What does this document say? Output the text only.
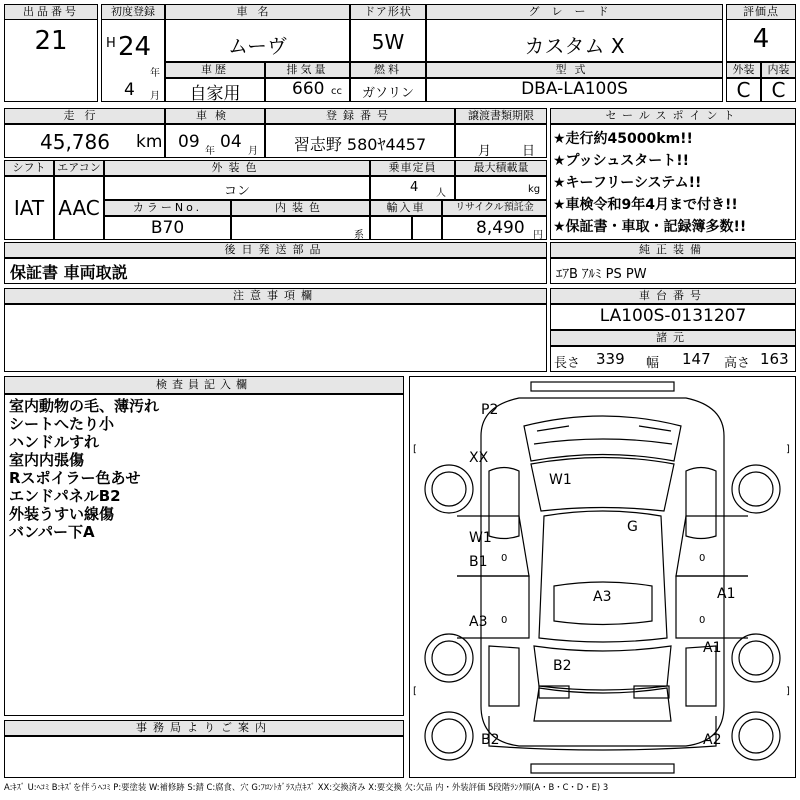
出品番号
21
初度登録
H 24
年
4 月
車名
ムーヴ
ドア形状
5W
グレード
カスタム X
評価点
4
車歴
自家用
排気量
660 cc
燃料
ガソリン
型式
DBA-LA100S
外装	内装
C	C
走行
45,786 km
車検
09 年 04 月
登録番号
習志野 580ﾔ4457
譲渡書類期限
月 日
シフト	エアコン
IAT AAC
外装色
コン
乗車定員
4 人
最大積載量
kg
カラーNo.
B70
内装色
系
輸入車	リサイクル預託金
8,490 円
セールスポイント
★走行約45000km!!
★プッシュスタート!!
★キーフリーシステム!!
★車検令和9年4月まで付き!!
★保証書・車取・記録簿多数!!
後日発送部品
保証書 車両取説
純正装備
ｴｱB ｱﾙﾐ PS PW
注意事項欄	車台番号
LA100S-0131207
諸元
長さ 339 幅 147 高さ 163
検査員記入欄
室内動物の毛、薄汚れ
シートへたり小
ハンドルすれ
室内内張傷
Rスポイラー色あせ
エンドパネルB2
外装うすい線傷
バンパー下A
事務局よりご案内
P2
XX
W1
G
W1
B1
A3
A3	A1
A1
B2
B2	A2
[	]
[	]
0
0
0
0
A:ｷｽﾞ U:ﾍｺﾐ B:ｷｽﾞを伴うﾍｺﾐ P:要塗装 W:補修跡 S:錆 C:腐食、穴 G:ﾌﾛﾝﾄｶﾞﾗｽ点ｷｽﾞ XX:交換済み X:要交換 欠:欠品 内・外装評価 5段階ﾗﾝｸ順(A・B・C・D・E) 3
